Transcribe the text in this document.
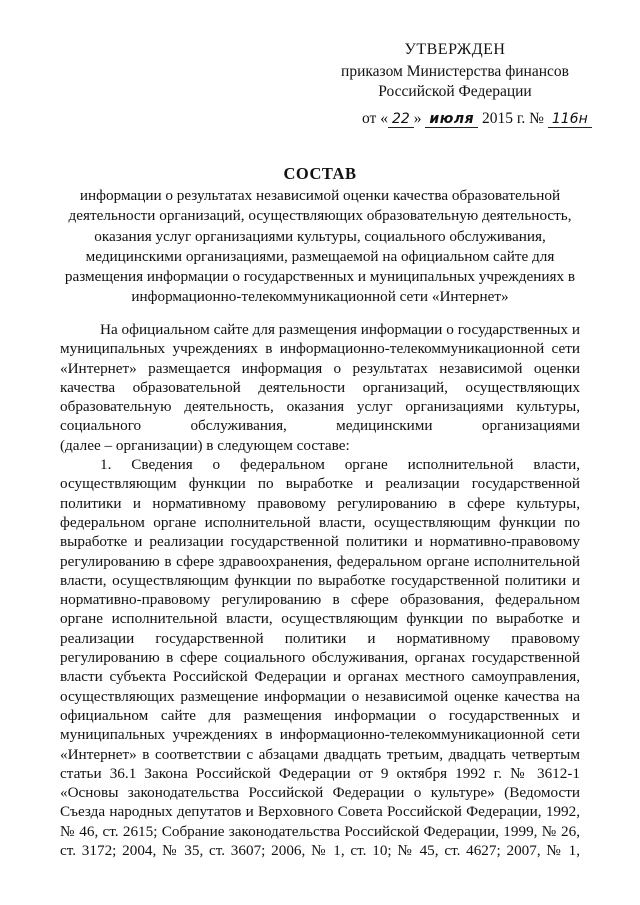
УТВЕРЖДЕН
приказом Министерства финансов
Российской Федерации
от « 22 » июля 2015 г. № 116н
СОСТАВ
информации о результатах независимой оценки качества образовательной
деятельности организаций, осуществляющих образовательную деятельность,
оказания услуг организациями культуры, социального обслуживания,
медицинскими организациями, размещаемой на официальном сайте для
размещения информации о государственных и муниципальных учреждениях в
информационно-телекоммуникационной сети «Интернет»
На официальном сайте для размещения информации о государственных и
муниципальных учреждениях в информационно-телекоммуникационной сети
«Интернет» размещается информация о результатах независимой оценки
качества образовательной деятельности организаций, осуществляющих
образовательную деятельность, оказания услуг организациями культуры,
социального обслуживания, медицинскими организациями
(далее – организации) в следующем составе:
1. Сведения о федеральном органе исполнительной власти,
осуществляющим функции по выработке и реализации государственной
политики и нормативному правовому регулированию в сфере культуры,
федеральном органе исполнительной власти, осуществляющим функции по
выработке и реализации государственной политики и нормативно-правовому
регулированию в сфере здравоохранения, федеральном органе исполнительной
власти, осуществляющим функции по выработке государственной политики и
нормативно-правовому регулированию в сфере образования, федеральном
органе исполнительной власти, осуществляющим функции по выработке и
реализации государственной политики и нормативному правовому
регулированию в сфере социального обслуживания, органах государственной
власти субъекта Российской Федерации и органах местного самоуправления,
осуществляющих размещение информации о независимой оценке качества на
официальном сайте для размещения информации о государственных и
муниципальных учреждениях в информационно-телекоммуникационной сети
«Интернет» в соответствии с абзацами двадцать третьим, двадцать четвертым
статьи 36.1 Закона Российской Федерации от 9 октября 1992 г. № 3612-1
«Основы законодательства Российской Федерации о культуре» (Ведомости
Съезда народных депутатов и Верховного Совета Российской Федерации, 1992,
№ 46, ст. 2615; Собрание законодательства Российской Федерации, 1999, № 26,
ст. 3172; 2004, № 35, ст. 3607; 2006, № 1, ст. 10; № 45, ст. 4627; 2007, № 1,
